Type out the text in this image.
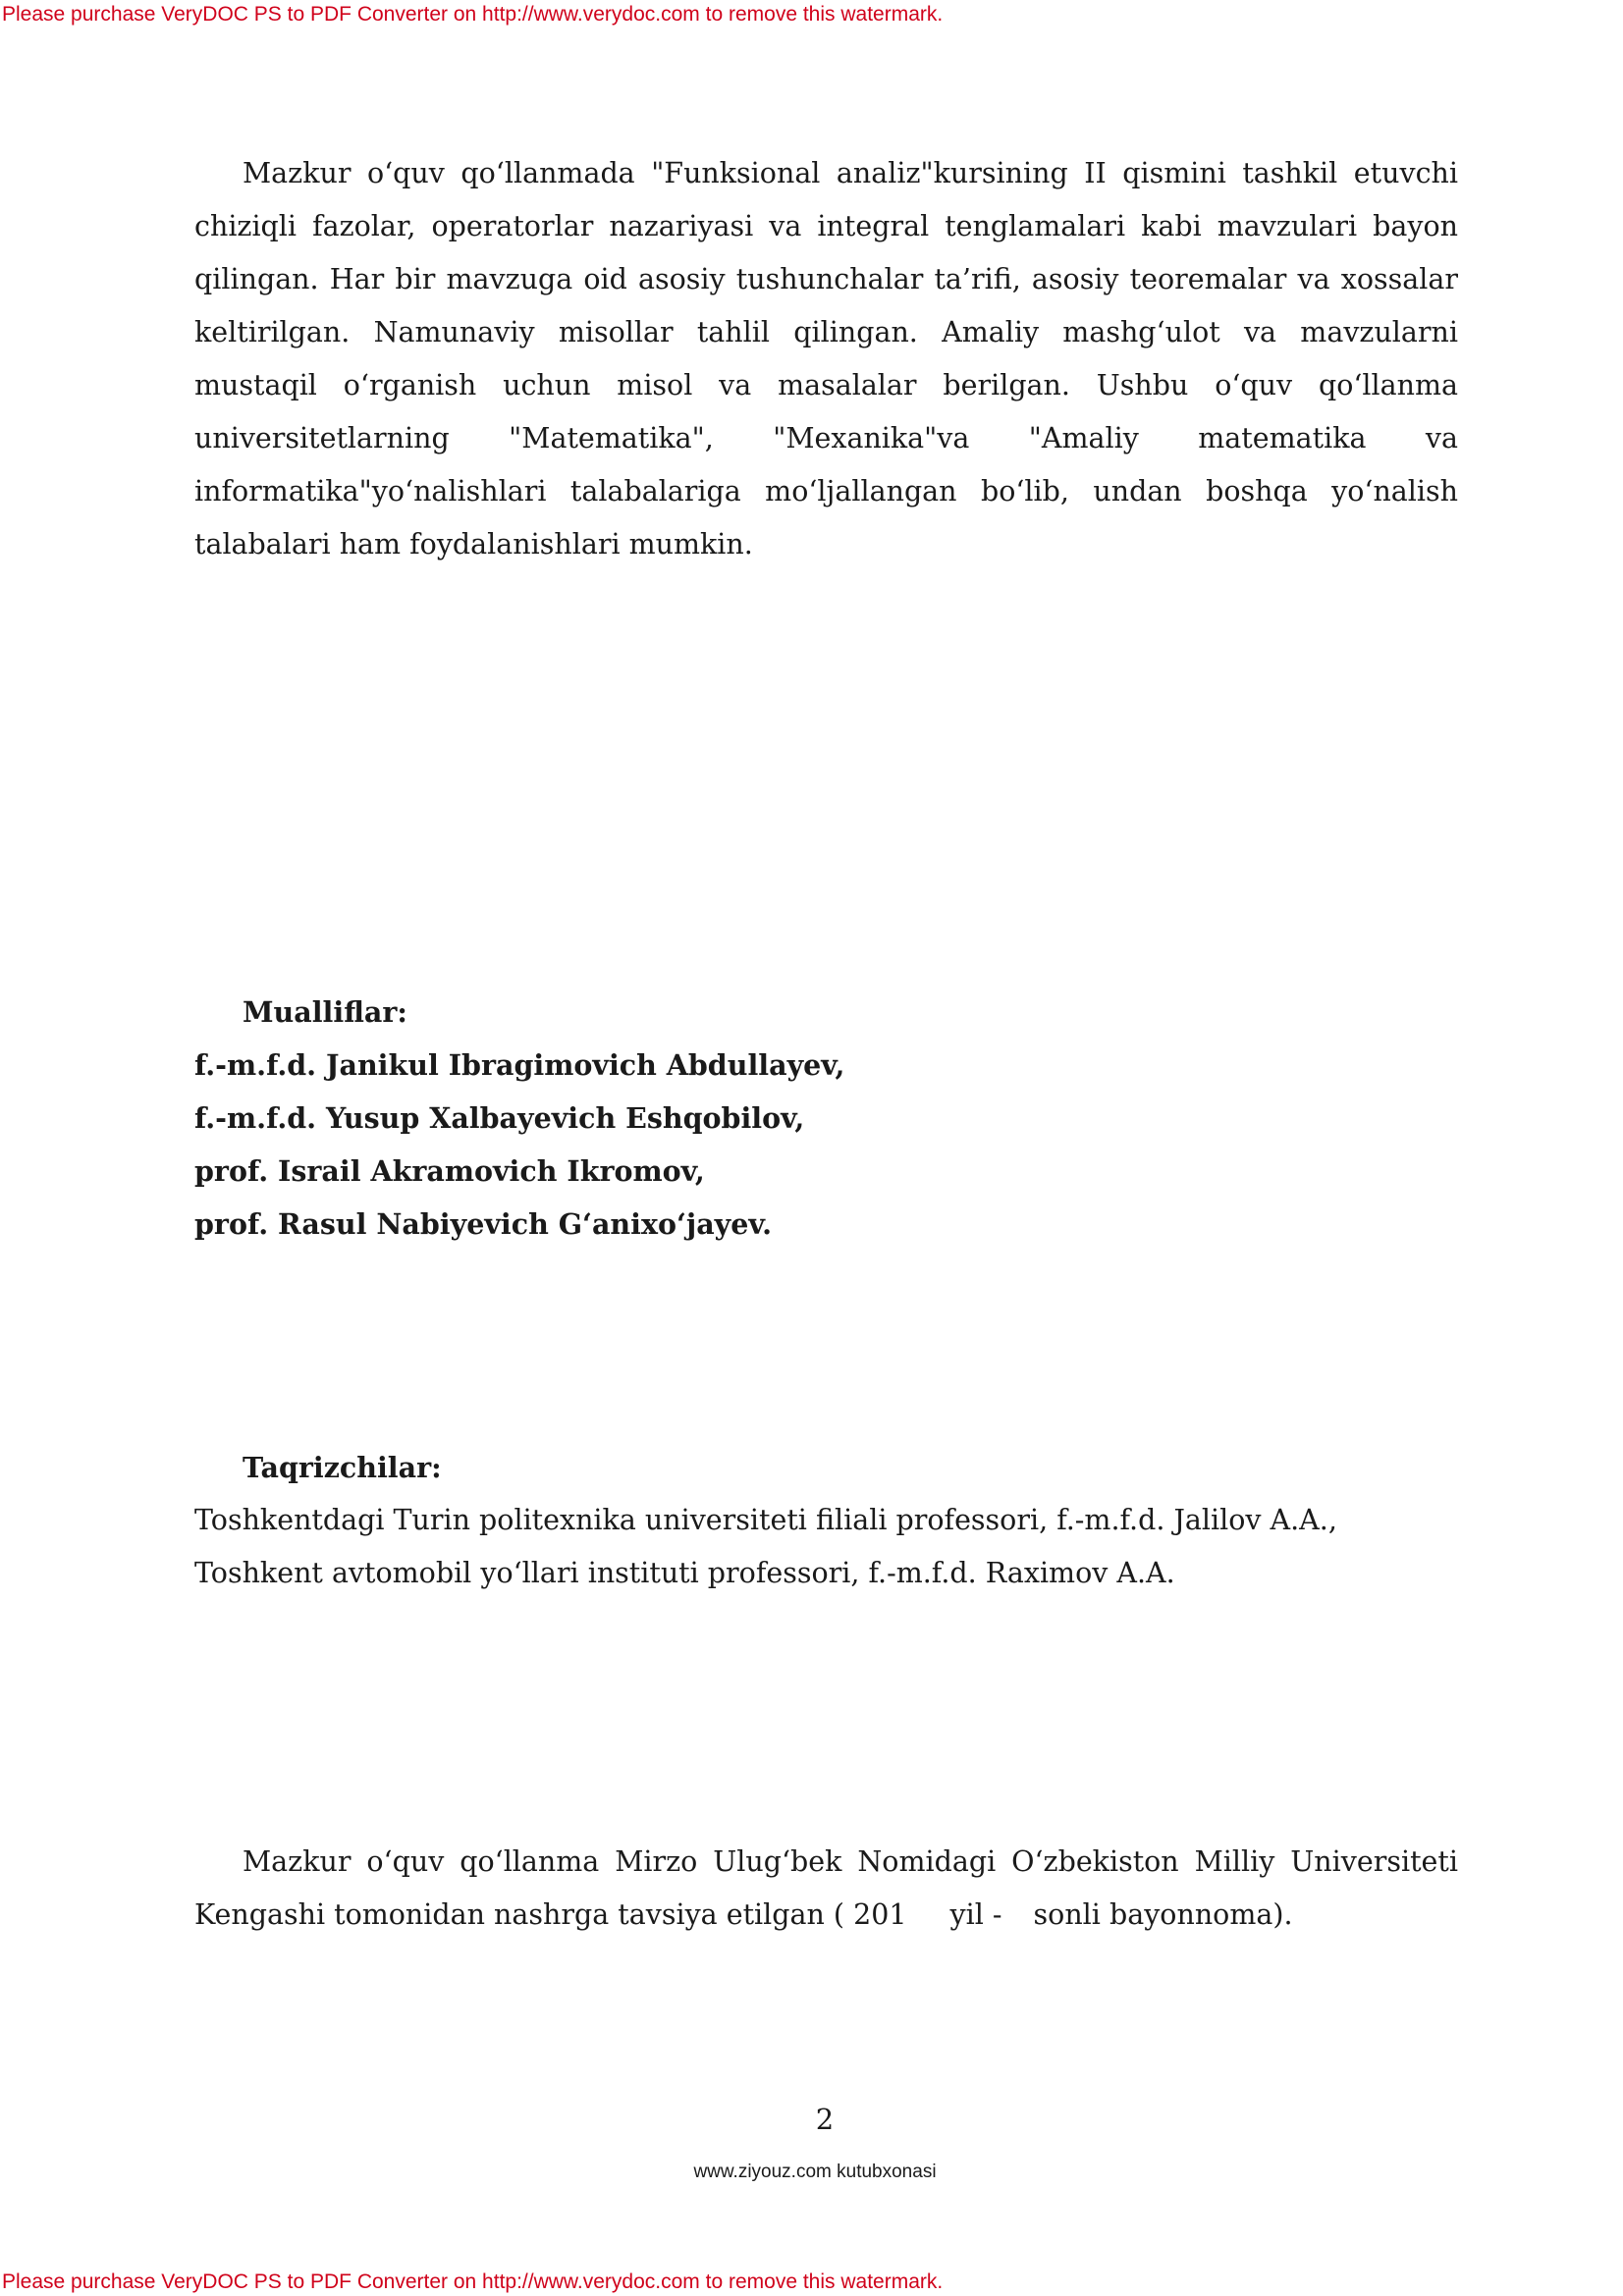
Please purchase VeryDOC PS to PDF Converter on http://www.verydoc.com to remove this watermark.

Mazkur o‘quv qo‘llanmada "Funksional analiz"kursining II qismini tashkil etuvchi chiziqli fazolar, operatorlar nazariyasi va integral tenglamalari kabi mavzulari bayon qilingan. Har bir mavzuga oid asosiy tushunchalar ta’rifi, asosiy teoremalar va xossalar keltirilgan. Namunaviy misollar tahlil qilingan. Amaliy mashg‘ulot va mavzularni mustaqil o‘rganish uchun misol va masalalar berilgan. Ushbu o‘quv qo‘llanma universitetlarning "Matematika", "Mexanika"va "Amaliy matematika va informatika"yo‘nalishlari talabalariga mo‘ljallangan bo‘lib, undan boshqa yo‘nalish talabalari ham foydalanishlari mumkin.

Mualliflar:
f.-m.f.d. Janikul Ibragimovich Abdullayev,
f.-m.f.d. Yusup Xalbayevich Eshqobilov,
prof. Israil Akramovich Ikromov,
prof. Rasul Nabiyevich G‘anixo‘jayev.
Taqrizchilar:
Toshkentdagi Turin politexnika universiteti filiali professori, f.-m.f.d. Jalilov A.A.,
Toshkent avtomobil yo‘llari instituti professori, f.-m.f.d. Raximov A.A.

Mazkur o‘quv qo‘llanma Mirzo Ulug‘bek Nomidagi O‘zbekiston Milliy Universiteti Kengashi tomonidan nashrga tavsiya etilgan ( 201 yil - sonli bayonnoma).

2
www.ziyouz.com kutubxonasi
Please purchase VeryDOC PS to PDF Converter on http://www.verydoc.com to remove this watermark.
